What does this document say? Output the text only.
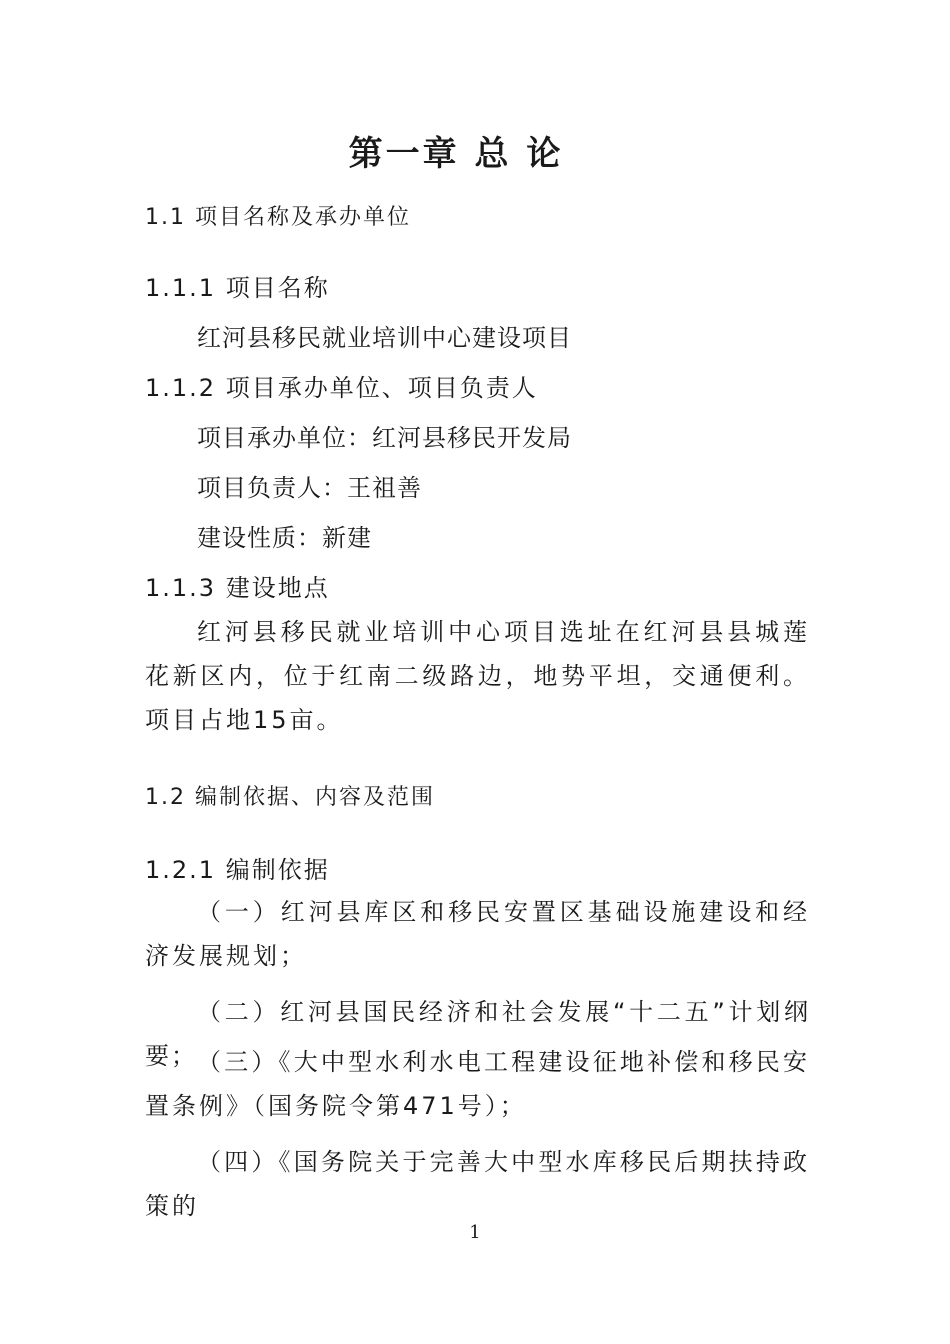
第一章 总 论
1.1 项目名称及承办单位
1.1.1 项目名称
红河县移民就业培训中心建设项目
1.1.2 项目承办单位、项目负责人
项目承办单位：红河县移民开发局
项目负责人：王祖善
建设性质：新建
1.1.3 建设地点
红河县移民就业培训中心项目选址在红河县县城莲花新区内，位于红南二级路边，地势平坦，交通便利。项目占地15亩。
1.2 编制依据、内容及范围
1.2.1 编制依据
（一）红河县库区和移民安置区基础设施建设和经济发展规划；
（二）红河县国民经济和社会发展“十二五”计划纲要； （三）《大中型水利水电工程建设征地补偿和移民安置条例》（国务院令第471号）；
（四）《国务院关于完善大中型水库移民后期扶持政策的
1
